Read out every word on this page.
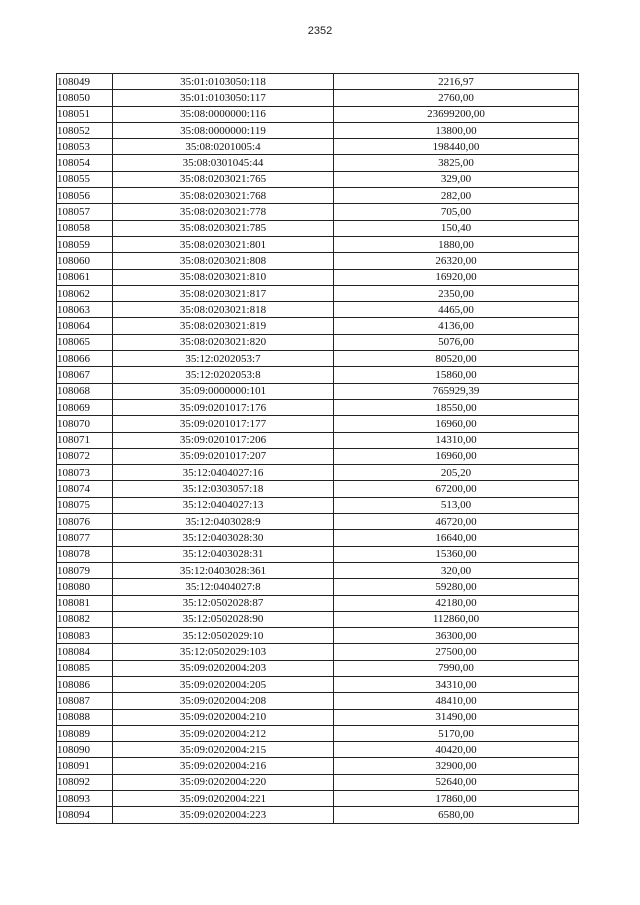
2352
108049	35:01:0103050:118	2216,97
108050	35:01:0103050:117	2760,00
108051	35:08:0000000:116	23699200,00
108052	35:08:0000000:119	13800,00
108053	35:08:0201005:4	198440,00
108054	35:08:0301045:44	3825,00
108055	35:08:0203021:765	329,00
108056	35:08:0203021:768	282,00
108057	35:08:0203021:778	705,00
108058	35:08:0203021:785	150,40
108059	35:08:0203021:801	1880,00
108060	35:08:0203021:808	26320,00
108061	35:08:0203021:810	16920,00
108062	35:08:0203021:817	2350,00
108063	35:08:0203021:818	4465,00
108064	35:08:0203021:819	4136,00
108065	35:08:0203021:820	5076,00
108066	35:12:0202053:7	80520,00
108067	35:12:0202053:8	15860,00
108068	35:09:0000000:101	765929,39
108069	35:09:0201017:176	18550,00
108070	35:09:0201017:177	16960,00
108071	35:09:0201017:206	14310,00
108072	35:09:0201017:207	16960,00
108073	35:12:0404027:16	205,20
108074	35:12:0303057:18	67200,00
108075	35:12:0404027:13	513,00
108076	35:12:0403028:9	46720,00
108077	35:12:0403028:30	16640,00
108078	35:12:0403028:31	15360,00
108079	35:12:0403028:361	320,00
108080	35:12:0404027:8	59280,00
108081	35:12:0502028:87	42180,00
108082	35:12:0502028:90	112860,00
108083	35:12:0502029:10	36300,00
108084	35:12:0502029:103	27500,00
108085	35:09:0202004:203	7990,00
108086	35:09:0202004:205	34310,00
108087	35:09:0202004:208	48410,00
108088	35:09:0202004:210	31490,00
108089	35:09:0202004:212	5170,00
108090	35:09:0202004:215	40420,00
108091	35:09:0202004:216	32900,00
108092	35:09:0202004:220	52640,00
108093	35:09:0202004:221	17860,00
108094	35:09:0202004:223	6580,00
